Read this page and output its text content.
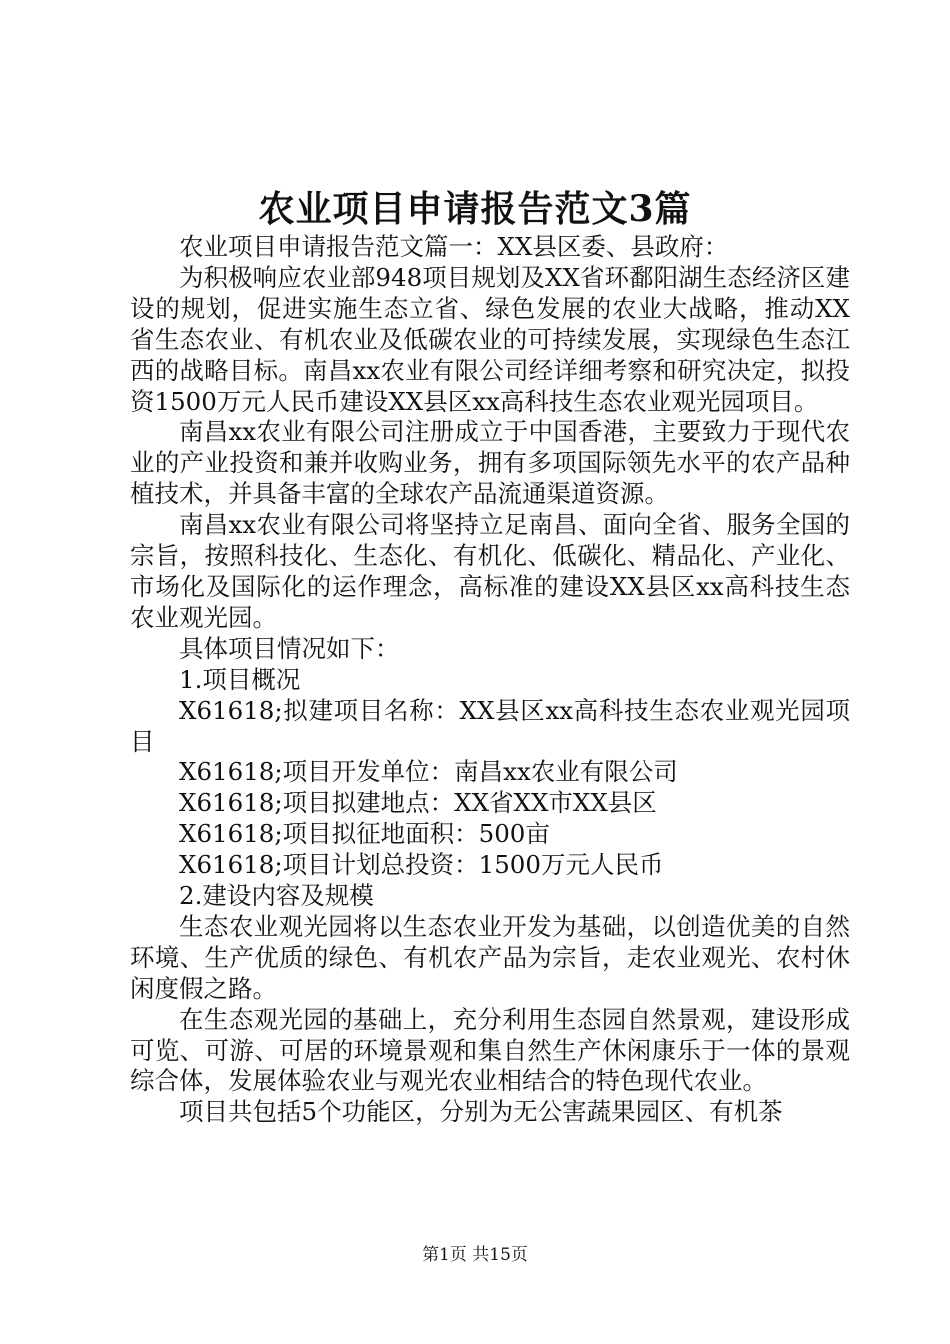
农业项目申请报告范文3篇

农业项目申请报告范文篇一：XX县区委、县政府：

为积极响应农业部948项目规划及XX省环鄱阳湖生态经济区建设的规划，促进实施生态立省、绿色发展的农业大战略，推动XX省生态农业、有机农业及低碳农业的可持续发展，实现绿色生态江西的战略目标。南昌xx农业有限公司经详细考察和研究决定，拟投资1500万元人民币建设XX县区xx高科技生态农业观光园项目。

南昌xx农业有限公司注册成立于中国香港，主要致力于现代农业的产业投资和兼并收购业务，拥有多项国际领先水平的农产品种植技术，并具备丰富的全球农产品流通渠道资源。

南昌xx农业有限公司将坚持立足南昌、面向全省、服务全国的宗旨，按照科技化、生态化、有机化、低碳化、精品化、产业化、市场化及国际化的运作理念，高标准的建设XX县区xx高科技生态农业观光园。

具体项目情况如下：

1.项目概况

X61618;拟建项目名称：XX县区xx高科技生态农业观光园项目

X61618;项目开发单位：南昌xx农业有限公司

X61618;项目拟建地点：XX省XX市XX县区

X61618;项目拟征地面积：500亩

X61618;项目计划总投资：1500万元人民币

2.建设内容及规模

生态农业观光园将以生态农业开发为基础，以创造优美的自然环境、生产优质的绿色、有机农产品为宗旨，走农业观光、农村休闲度假之路。

在生态观光园的基础上，充分利用生态园自然景观，建设形成可览、可游、可居的环境景观和集自然生产休闲康乐于一体的景观综合体，发展体验农业与观光农业相结合的特色现代农业。

项目共包括5个功能区，分别为无公害蔬果园区、有机茶

第1页 共15页
